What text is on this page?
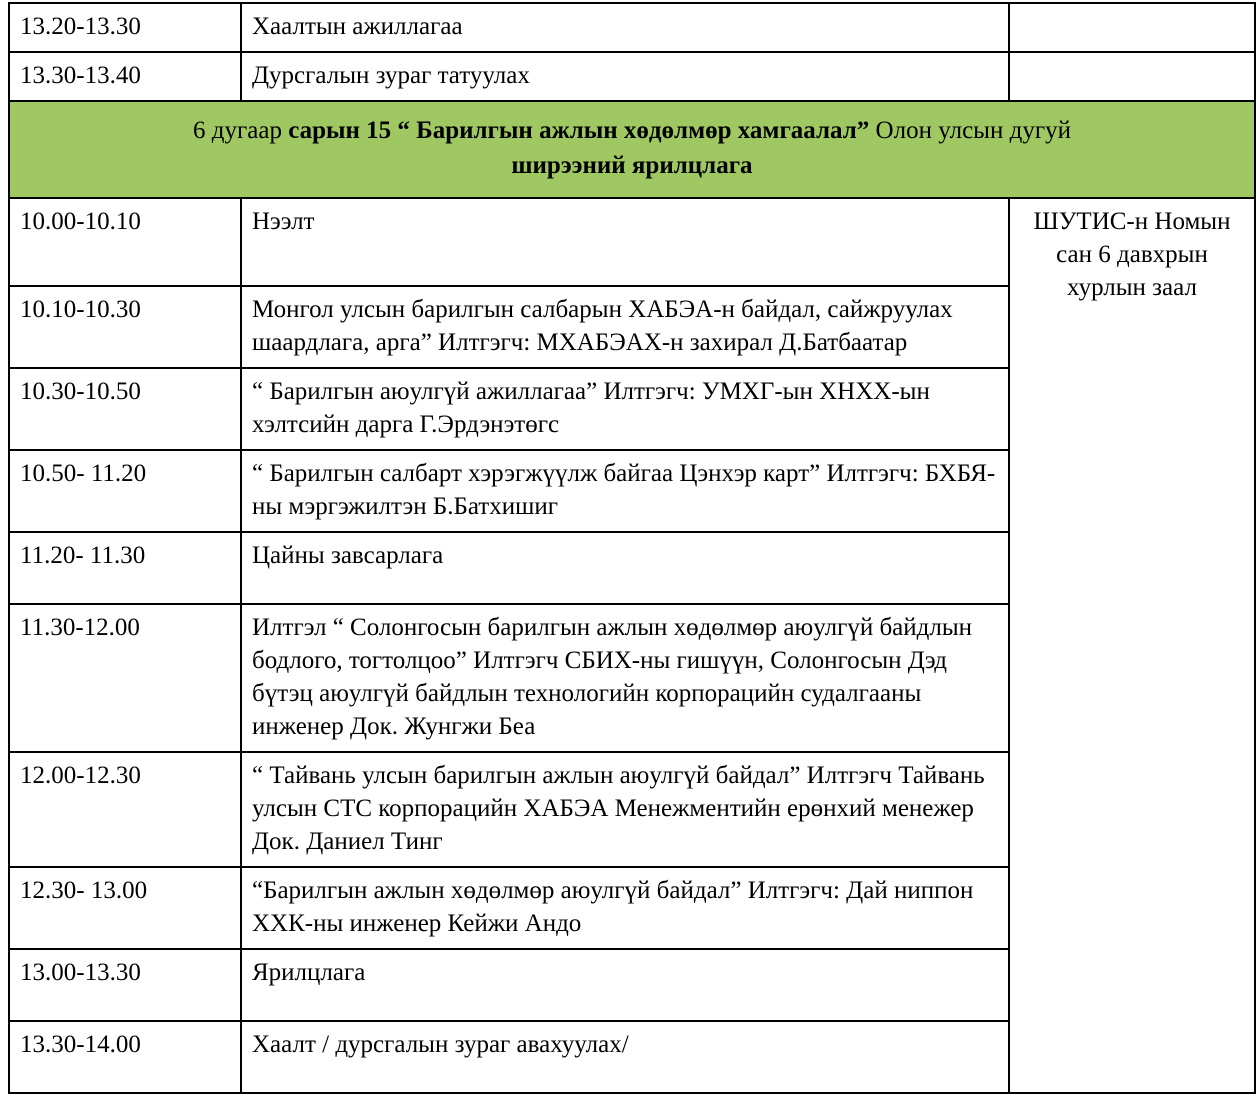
13.20-13.30	Хаалтын ажиллагаа	
13.30-13.40	Дурсгалын зураг татуулах	
6 дугаар сарын 15 “ Барилгын ажлын хөдөлмөр хамгаалал” Олон улсын дугуй
ширээний ярилцлага		
10.00-10.10	Нээлт	ШУТИС-н Номын сан 6 давхрын хурлын заал
10.10-10.30	Монгол улсын барилгын салбарын ХАБЭА-н байдал, сайжруулах шаардлага, арга” Илтгэгч: МХАБЭАХ-н захирал Д.Батбаатар	
10.30-10.50	“ Барилгын аюулгүй ажиллагаа” Илтгэгч: УМХГ-ын ХНХХ-ын хэлтсийн дарга Г.Эрдэнэтөгс	
10.50- 11.20	“ Барилгын салбарт хэрэгжүүлж байгаа Цэнхэр карт” Илтгэгч: БХБЯ-ны мэргэжилтэн Б.Батхишиг	
11.20- 11.30	Цайны завсарлага	
11.30-12.00	Илтгэл “ Солонгосын барилгын ажлын хөдөлмөр аюулгүй байдлын бодлого, тогтолцоо” Илтгэгч СБИХ-ны гишүүн, Солонгосын Дэд бүтэц аюулгүй байдлын технологийн корпорацийн судалгааны инженер Док. Жунгжи Беа	
12.00-12.30	“ Тайвань улсын барилгын ажлын аюулгүй байдал” Илтгэгч Тайвань улсын СТС корпорацийн ХАБЭА Менежментийн ерөнхий менежер Док. Даниел Тинг	
12.30- 13.00	“Барилгын ажлын хөдөлмөр аюулгүй байдал” Илтгэгч: Дай ниппон ХХК-ны инженер Кейжи Андо	
13.00-13.30	Ярилцлага	
13.30-14.00	Хаалт / дурсгалын зураг авахуулах/	
